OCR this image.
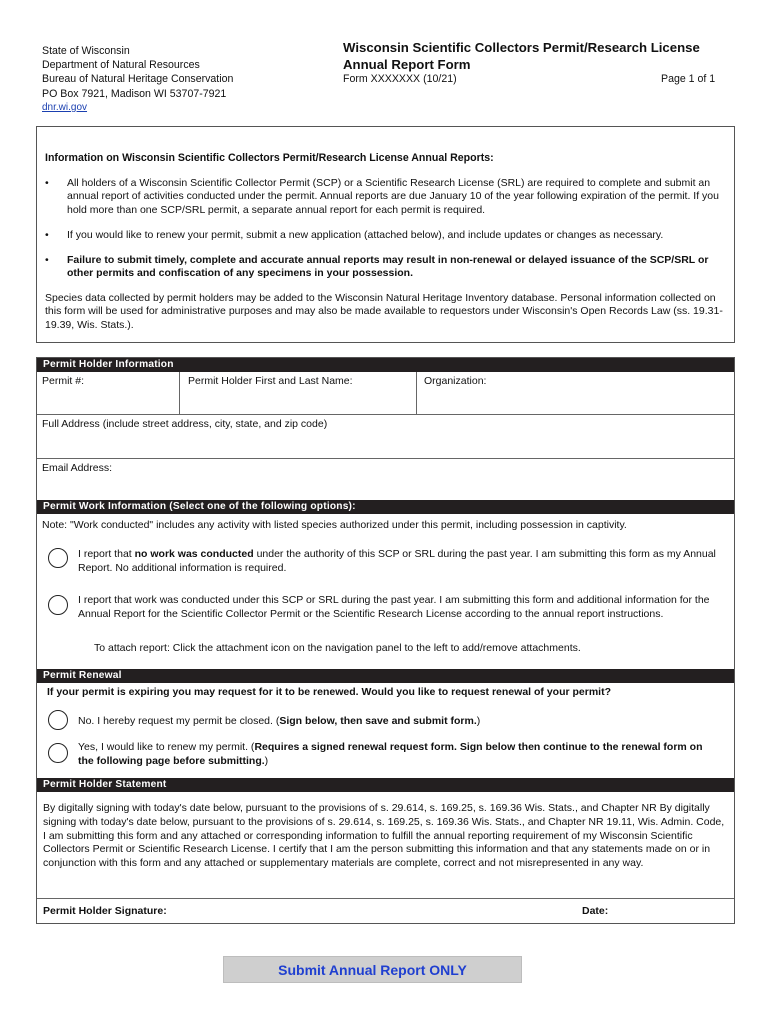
State of Wisconsin
Department of Natural Resources
Bureau of Natural Heritage Conservation
PO Box 7921, Madison WI 53707-7921
dnr.wi.gov
Wisconsin Scientific Collectors Permit/Research License
Annual Report Form
Form XXXXXXX (10/21)	Page 1 of 1
Information on Wisconsin Scientific Collectors Permit/Research License Annual Reports:
•	All holders of a Wisconsin Scientific Collector Permit (SCP) or a Scientific Research License (SRL) are required to complete and submit an annual report of activities conducted under the permit. Annual reports are due January 10 of the year following expiration of the permit. If you hold more than one SCP/SRL permit, a separate annual report for each permit is required.
•	If you would like to renew your permit, submit a new application (attached below), and include updates or changes as necessary.
•	Failure to submit timely, complete and accurate annual reports may result in non-renewal or delayed issuance of the SCP/SRL or other permits and confiscation of any specimens in your possession.
Species data collected by permit holders may be added to the Wisconsin Natural Heritage Inventory database. Personal information collected on this form will be used for administrative purposes and may also be made available to requestors under Wisconsin's Open Records Law (ss. 19.31-19.39, Wis. Stats.).
Permit Holder Information
Permit #:	Permit Holder First and Last Name:	Organization:
Full Address (include street address, city, state, and zip code)
Email Address:
Permit Work Information (Select one of the following options):
Note: "Work conducted" includes any activity with listed species authorized under this permit, including possession in captivity.
I report that no work was conducted under the authority of this SCP or SRL during the past year. I am submitting this form as my Annual Report. No additional information is required.
I report that work was conducted under this SCP or SRL during the past year. I am submitting this form and additional information for the Annual Report for the Scientific Collector Permit or the Scientific Research License according to the annual report instructions.
To attach report: Click the attachment icon on the navigation panel to the left to add/remove attachments.
Permit Renewal
If your permit is expiring you may request for it to be renewed. Would you like to request renewal of your permit?
No. I hereby request my permit be closed. (Sign below, then save and submit form.)
Yes, I would like to renew my permit. (Requires a signed renewal request form. Sign below then continue to the renewal form on the following page before submitting.)
Permit Holder Statement
By digitally signing with today's date below, pursuant to the provisions of s. 29.614, s. 169.25, s. 169.36 Wis. Stats., and Chapter NR By digitally signing with today's date below, pursuant to the provisions of s. 29.614, s. 169.25, s. 169.36 Wis. Stats., and Chapter NR 19.11, Wis. Admin. Code, I am submitting this form and any attached or corresponding information to fulfill the annual reporting requirement of my Wisconsin Scientific Collectors Permit or Scientific Research License. I certify that I am the person submitting this information and that any statements made on or in conjunction with this form and any attached or supplementary materials are complete, correct and not misrepresented in any way.
Permit Holder Signature:	Date:
Submit Annual Report ONLY
